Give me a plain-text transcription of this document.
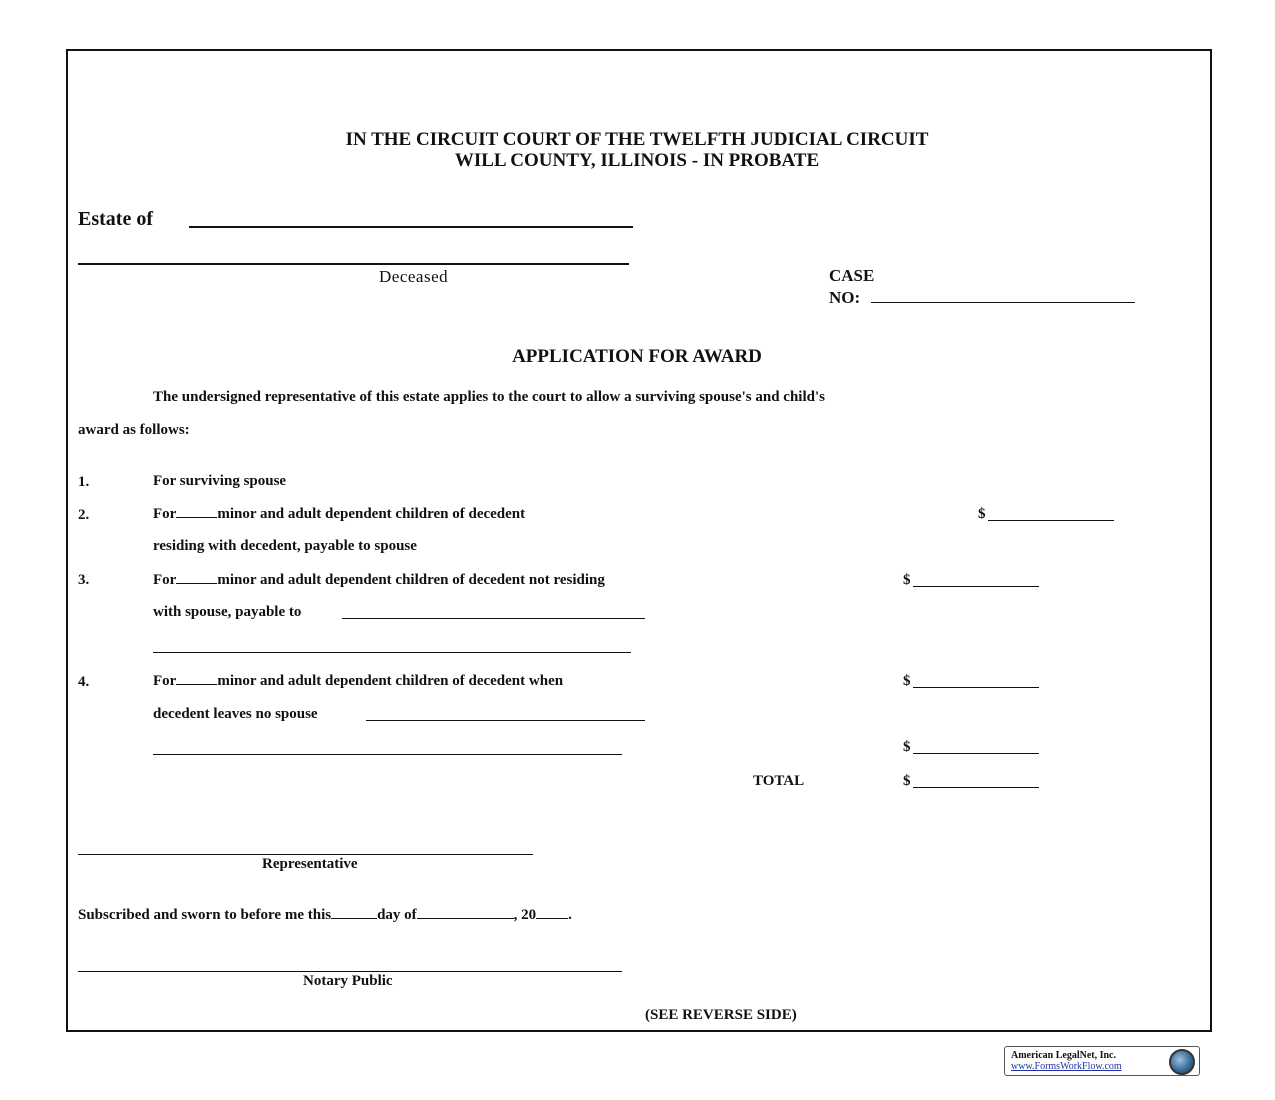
IN THE CIRCUIT COURT OF THE TWELFTH JUDICIAL CIRCUIT
WILL COUNTY, ILLINOIS - IN PROBATE
Estate of
Deceased	CASE
NO:
APPLICATION FOR AWARD
The undersigned representative of this estate applies to the court to allow a surviving spouse's and child's
award as follows:
1.	For surviving spouse
2.	For	minor and adult dependent children of decedent	$
residing with decedent, payable to spouse
3.	For	minor and adult dependent children of decedent not residing	$
with spouse, payable to
4.	For	minor and adult dependent children of decedent when	$
decedent leaves no spouse
$
TOTAL	$
Representative
Subscribed and sworn to before me this	day of	, 20 .
Notary Public
(SEE REVERSE SIDE)
American LegalNet, Inc.
www.FormsWorkFlow.com
